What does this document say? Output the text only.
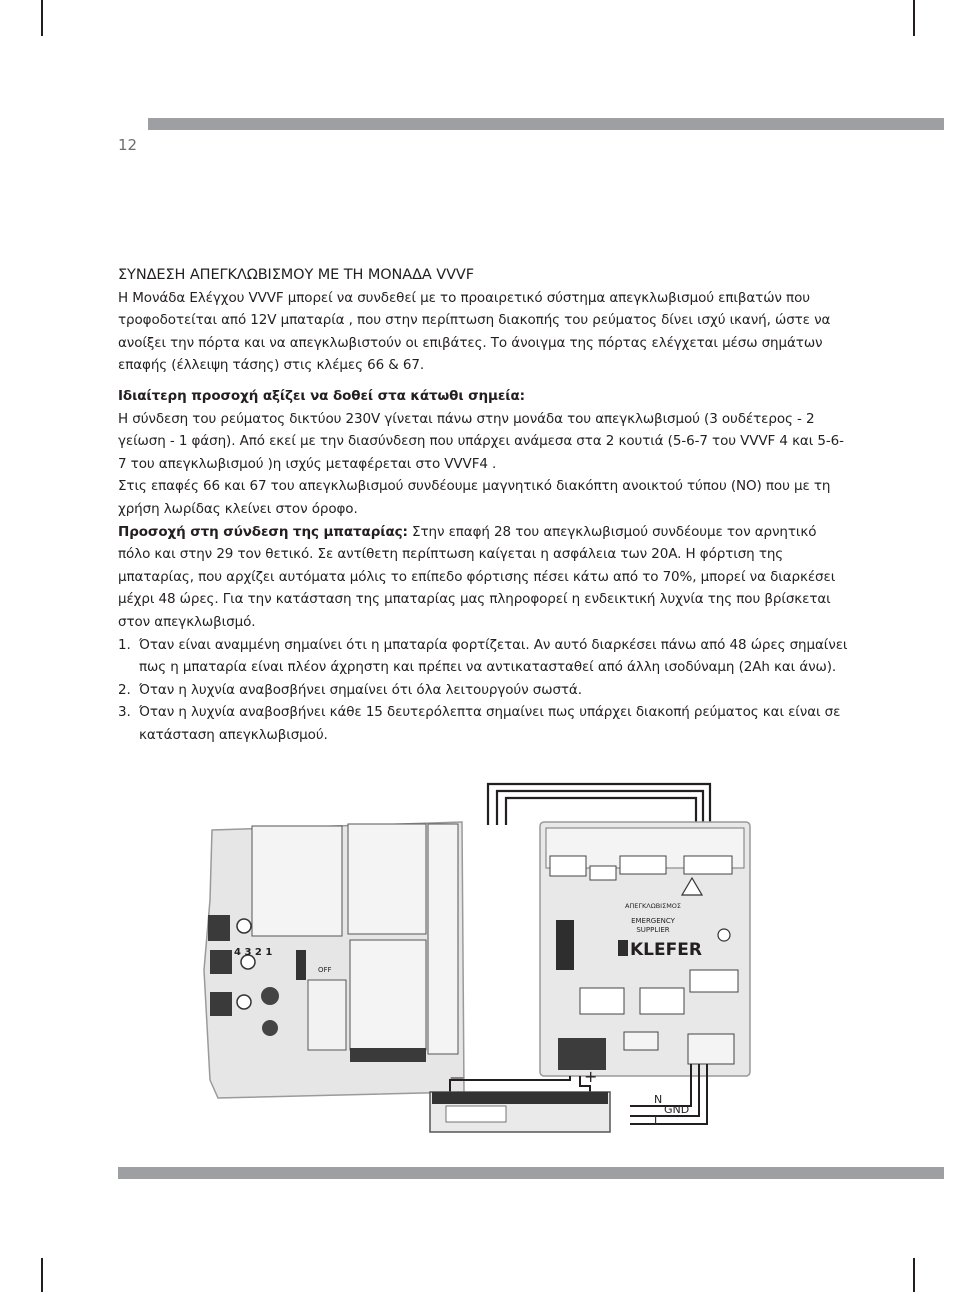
12

ΣΥΝΔΕΣΗ ΑΠΕΓΚΛΩΒΙΣΜΟΥ ΜΕ ΤΗ ΜΟΝΑΔΑ VVVF

Η Μονάδα Ελέγχου VVVF μπορεί να συνδεθεί με το προαιρετικό σύστημα απεγκλωβισμού επιβατών που τροφοδοτείται από 12V μπαταρία , που στην περίπτωση διακοπής του ρεύματος δίνει ισχύ ικανή, ώστε να ανοίξει την πόρτα και να απεγκλωβιστούν οι επιβάτες. Το άνοιγμα της πόρτας ελέγχεται μέσω σημάτων επαφής (έλλειψη τάσης) στις κλέμες 66 & 67.

Ιδιαίτερη προσοχή αξίζει να δοθεί στα κάτωθι σημεία:

Η σύνδεση του ρεύματος δικτύου 230V γίνεται πάνω στην μονάδα του απεγκλωβισμού (3 ουδέτερος - 2 γείωση - 1 φάση). Από εκεί με την διασύνδεση που υπάρχει ανάμεσα στα 2 κουτιά (5-6-7 του VVVF 4 και 5-6-7 του απεγκλωβισμού )η ισχύς μεταφέρεται στο VVVF4 .

Στις επαφές 66 και 67 του απεγκλωβισμού συνδέουμε μαγνητικό διακόπτη ανοικτού τύπου (NO) που με τη χρήση λωρίδας κλείνει στον όροφο.

Προσοχή στη σύνδεση της μπαταρίας: Στην επαφή 28 του απεγκλωβισμού συνδέουμε τον αρνητικό πόλο και στην 29 τον θετικό. Σε αντίθετη περίπτωση καίγεται η ασφάλεια των 20A. Η φόρτιση της μπαταρίας, που αρχίζει αυτόματα μόλις το επίπεδο φόρτισης πέσει κάτω από το 70%, μπορεί να διαρκέσει μέχρι 48 ώρες. Για την κατάσταση της μπαταρίας μας πληροφορεί η ενδεικτική λυχνία της που βρίσκεται στον απεγκλωβισμό.

1. Όταν είναι αναμμένη σημαίνει ότι η μπαταρία φορτίζεται. Αν αυτό διαρκέσει πάνω από 48 ώρες σημαίνει πως η μπαταρία είναι πλέον άχρηστη και πρέπει να αντικατασταθεί από άλλη ισοδύναμη (2Ah και άνω).
2. Όταν η λυχνία αναβοσβήνει σημαίνει ότι όλα λειτουργούν σωστά.
3. Όταν η λυχνία αναβοσβήνει κάθε 15 δευτερόλεπτα σημαίνει πως υπάρχει διακοπή ρεύματος και είναι σε κατάσταση απεγκλωβισμού.
4 3 2 1
OFF
ΑΠΕΓΚΛΩΒΙΣΜΟΣ
EMERGENCY
SUPPLIER
KLEFER
N
GND
L
—	+
